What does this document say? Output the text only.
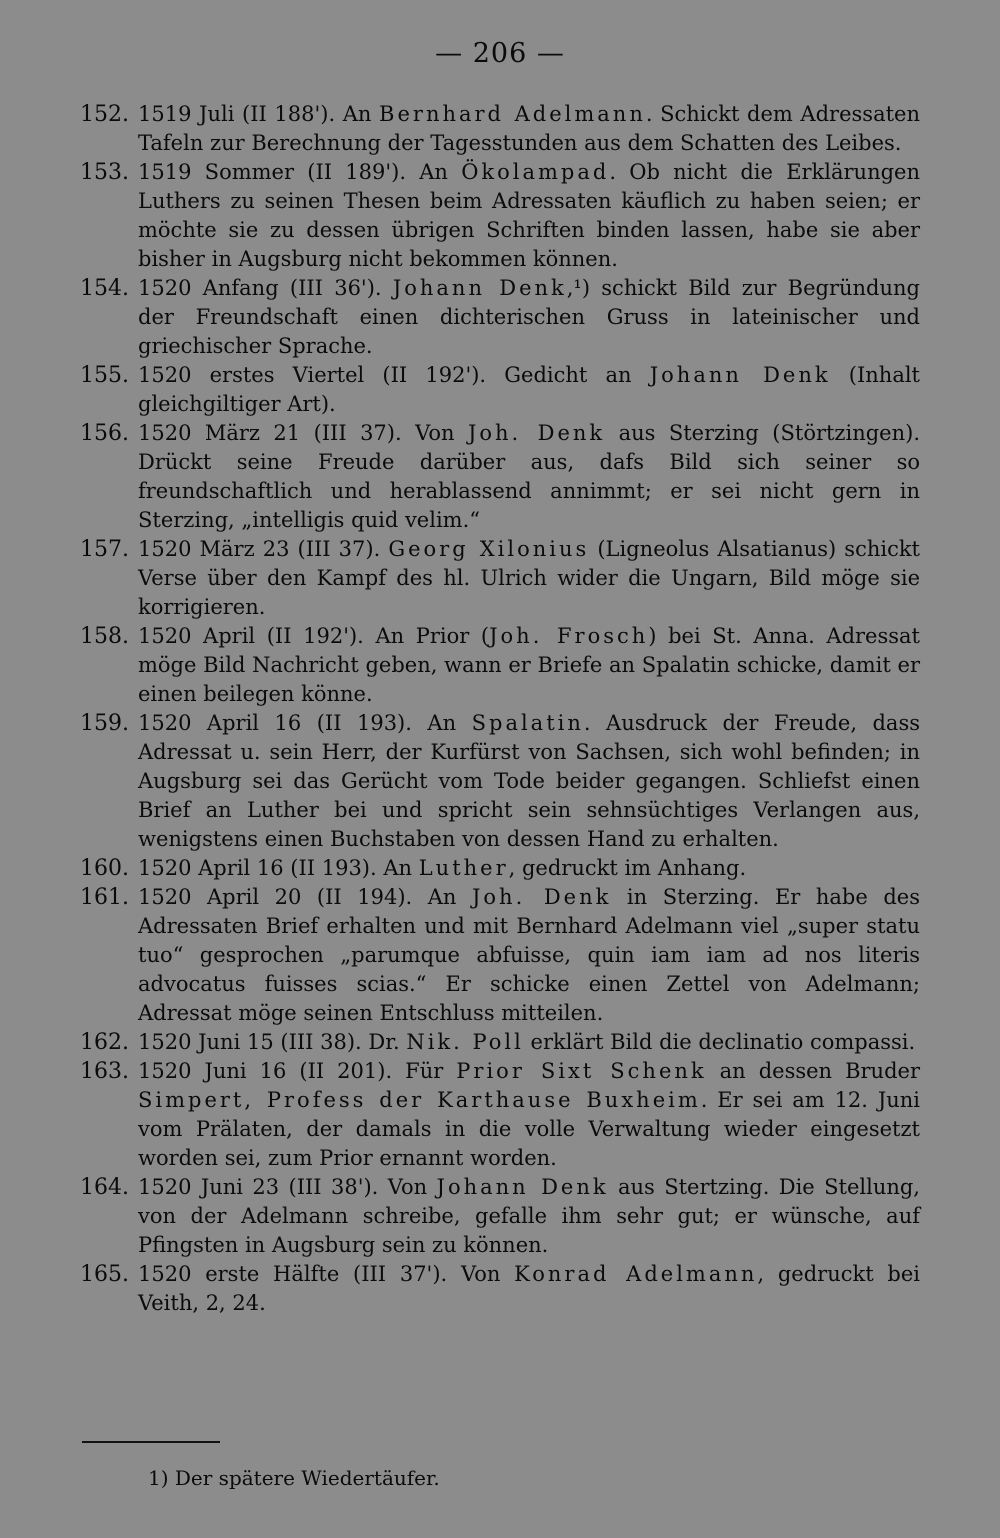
— 206 —
152. 1519 Juli (II 188'). An Bernhard Adelmann. Schickt dem Adressaten Tafeln zur Berechnung der Tagesstunden aus dem Schatten des Leibes.
153. 1519 Sommer (II 189'). An Ökolampad. Ob nicht die Erklärungen Luthers zu seinen Thesen beim Adressaten käuflich zu haben seien; er möchte sie zu dessen übrigen Schriften binden lassen, habe sie aber bisher in Augsburg nicht bekommen können.
154. 1520 Anfang (III 36'). Johann Denk,¹) schickt Bild zur Begründung der Freundschaft einen dichterischen Gruss in lateinischer und griechischer Sprache.
155. 1520 erstes Viertel (II 192'). Gedicht an Johann Denk (Inhalt gleichgiltiger Art).
156. 1520 März 21 (III 37). Von Joh. Denk aus Sterzing (Störtzingen). Drückt seine Freude darüber aus, dafs Bild sich seiner so freundschaftlich und herablassend annimmt; er sei nicht gern in Sterzing, „intelligis quid velim.“
157. 1520 März 23 (III 37). Georg Xilonius (Ligneolus Alsatianus) schickt Verse über den Kampf des hl. Ulrich wider die Ungarn, Bild möge sie korrigieren.
158. 1520 April (II 192'). An Prior (Joh. Frosch) bei St. Anna. Adressat möge Bild Nachricht geben, wann er Briefe an Spalatin schicke, damit er einen beilegen könne.
159. 1520 April 16 (II 193). An Spalatin. Ausdruck der Freude, dass Adressat u. sein Herr, der Kurfürst von Sachsen, sich wohl befinden; in Augsburg sei das Gerücht vom Tode beider gegangen. Schliefst einen Brief an Luther bei und spricht sein sehnsüchtiges Verlangen aus, wenigstens einen Buchstaben von dessen Hand zu erhalten.
160. 1520 April 16 (II 193). An Luther, gedruckt im Anhang.
161. 1520 April 20 (II 194). An Joh. Denk in Sterzing. Er habe des Adressaten Brief erhalten und mit Bernhard Adelmann viel „super statu tuo“ gesprochen „parumque abfuisse, quin iam iam ad nos literis advocatus fuisses scias.“ Er schicke einen Zettel von Adelmann; Adressat möge seinen Entschluss mitteilen.
162. 1520 Juni 15 (III 38). Dr. Nik. Poll erklärt Bild die declinatio compassi.
163. 1520 Juni 16 (II 201). Für Prior Sixt Schenk an dessen Bruder Simpert, Profess der Karthause Buxheim. Er sei am 12. Juni vom Prälaten, der damals in die volle Verwaltung wieder eingesetzt worden sei, zum Prior ernannt worden.
164. 1520 Juni 23 (III 38'). Von Johann Denk aus Stertzing. Die Stellung, von der Adelmann schreibe, gefalle ihm sehr gut; er wünsche, auf Pfingsten in Augsburg sein zu können.
165. 1520 erste Hälfte (III 37'). Von Konrad Adelmann, gedruckt bei Veith, 2, 24.
1) Der spätere Wiedertäufer.
